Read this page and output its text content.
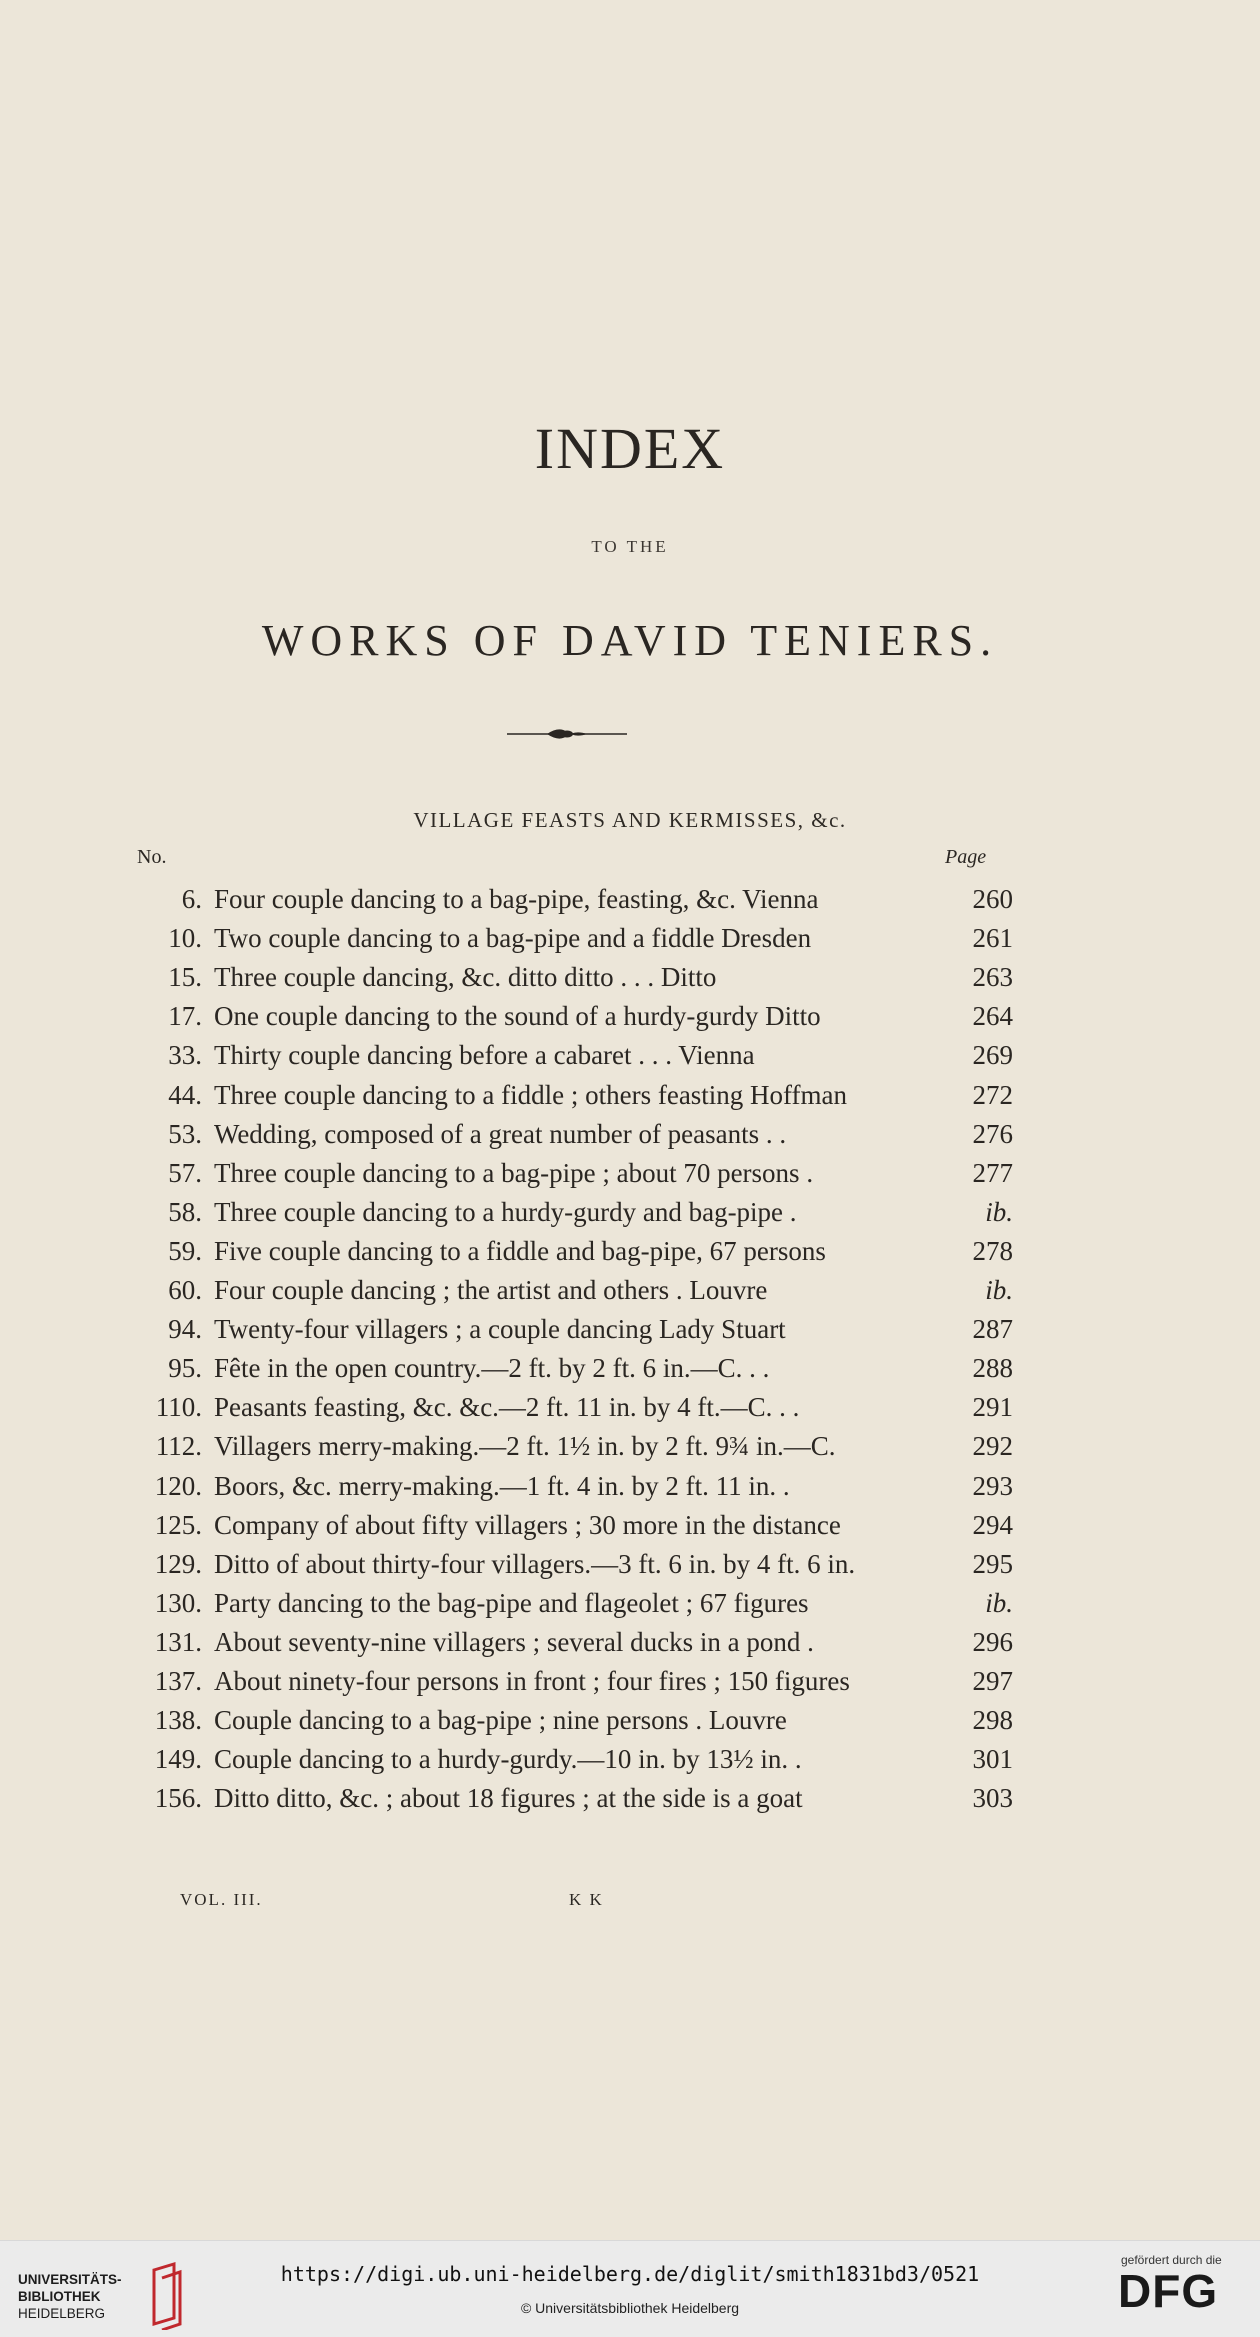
INDEX
TO THE
WORKS OF DAVID TENIERS.
VILLAGE FEASTS AND KERMISSES, &c.
No.	Page
6. Four couple dancing to a bag-pipe, feasting, &c. Vienna	260
10. Two couple dancing to a bag-pipe and a fiddle Dresden	261
15. Three couple dancing, &c. ditto ditto . . . Ditto	263
17. One couple dancing to the sound of a hurdy-gurdy Ditto	264
33. Thirty couple dancing before a cabaret . . . Vienna	269
44. Three couple dancing to a fiddle ; others feasting Hoffman	272
53. Wedding, composed of a great number of peasants . .	276
57. Three couple dancing to a bag-pipe ; about 70 persons .	277
58. Three couple dancing to a hurdy-gurdy and bag-pipe .	ib.
59. Five couple dancing to a fiddle and bag-pipe, 67 persons	278
60. Four couple dancing ; the artist and others . Louvre	ib.
94. Twenty-four villagers ; a couple dancing Lady Stuart	287
95. Fête in the open country.—2 ft. by 2 ft. 6 in.—C. . .	288
110. Peasants feasting, &c. &c.—2 ft. 11 in. by 4 ft.—C. . .	291
112. Villagers merry-making.—2 ft. 1½ in. by 2 ft. 9¾ in.—C.	292
120. Boors, &c. merry-making.—1 ft. 4 in. by 2 ft. 11 in. .	293
125. Company of about fifty villagers ; 30 more in the distance	294
129. Ditto of about thirty-four villagers.—3 ft. 6 in. by 4 ft. 6 in.	295
130. Party dancing to the bag-pipe and flageolet ; 67 figures	ib.
131. About seventy-nine villagers ; several ducks in a pond .	296
137. About ninety-four persons in front ; four fires ; 150 figures	297
138. Couple dancing to a bag-pipe ; nine persons . Louvre	298
149. Couple dancing to a hurdy-gurdy.—10 in. by 13½ in. .	301
156. Ditto ditto, &c. ; about 18 figures ; at the side is a goat	303
VOL. III.	K K
UNIVERSITÄTS-
BIBLIOTHEK
HEIDELBERG
https://digi.ub.uni-heidelberg.de/diglit/smith1831bd3/0521
© Universitätsbibliothek Heidelberg
gefördert durch die
DFG
